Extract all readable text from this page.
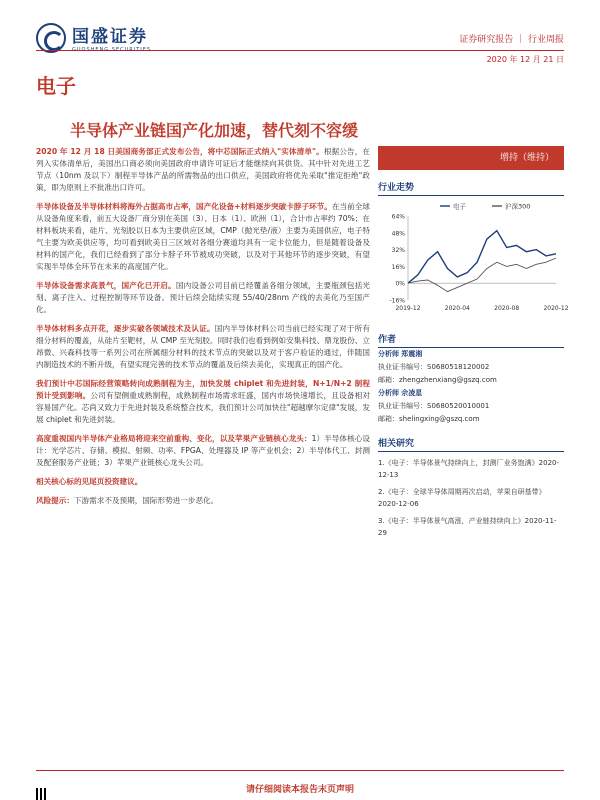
国盛证券
GUOSHENG SECURITIES
证券研究报告 ｜ 行业周报
2020 年 12 月 21 日
电子
半导体产业链国产化加速，替代刻不容缓

2020 年 12 月 18 日美国商务部正式发布公告，将中芯国际正式纳入"实体清单"。根据公告，在列入实体清单后，美国出口商必须向美国政府申请许可证后才能继续向其供货。其中针对先进工艺节点（10nm 及以下）制程半导体产品的所需物品的出口供应，美国政府将优先采取"推定拒绝"政策，即为原则上不批准出口许可。

半导体设备及半导体材料将海外占据高市占率，国产化设备+材料逐步突破卡脖子环节。在当前全球从设备角度来看，前五大设备厂商分别在美国（3）、日本（1）、欧洲（1），合计市占率约 70%；在材料板块来看，硅片、光刻胶以日本为主要供应区域，CMP（抛光垫/液）主要为美国供应，电子特气主要为欧美供应等，均可看到欧美日三区域对各细分赛道均具有一定卡位能力，但是随着设备及材料的国产化，我们已经看到了部分卡脖子环节被成功突破，以及对于其他环节的逐步突破，有望实现半导体全环节在未来的高度国产化。

半导体设备需求高景气，国产化已开启。国内设备公司目前已经覆盖各细分领域，主要瓶颈包括光刻、离子注入、过程控制等环节设备。预计后续会陆续实现 55/40/28nm 产线的去美化乃至国产化。

半导体材料多点开花，逐步实破各领域技术及认证。国内半导体材料公司当前已经实现了对于所有细分材料的覆盖，从硅片至靶材，从 CMP 至光刻胶。同时我们也看到例如安集科技、鼎龙股份、立昂微、兴森科技等一系列公司在所属细分材料的技术节点的突破以及对于客户验证的通过，伴随国内制造技术的不断升级，有望实现完善的技术节点的覆盖及后续去美化，实现真正的国产化。

我们预计中芯国际经营策略转向成熟制程为主，加快发展 chiplet 和先进封装，N+1/N+2 制程预计受到影响。公司有望侧重成熟制程，成熟制程市场需求旺盛，国内市场快速增长，且设备相对容易国产化。芯尚又致力于先进封装及系统整合技术，我们预计公司加快往"超越摩尔定律"发展，发展 chiplet 和先进封装。

高度重视国内半导体产业格局将迎来空前重构、变化，以及苹果产业链核心龙头：1）半导体核心设计：光学芯片、存储、模拟、射频、功率、FPGA、处理器及 IP 等产业机会；2）半导体代工、封测及配套服务产业链；3）苹果产业链核心龙头公司。

相关核心标的见尾页投资建议。

风险提示：下游需求不及预期，国际形势进一步恶化。

增持（维持）
行业走势
64%
48%
32%
16%
0%
-16%
2019-12	2020-04	2020-08	2020-12
电子	沪深300
作者
分析师 郑震湘
执业证书编号：S0680518120002
邮箱：zhengzhenxiang@gszq.com
分析师 佘凌星
执业证书编号：S0680520010001
邮箱：shelingxing@gszq.com
相关研究
1.《电子：半导体景气持续向上，封测厂业务饱满》2020-12-13
2.《电子：全球半导体周期再次启动，苹果自研基带》2020-12-06
3.《电子：半导体景气高涨，产业链持续向上》2020-11-29
请仔细阅读本报告末页声明
